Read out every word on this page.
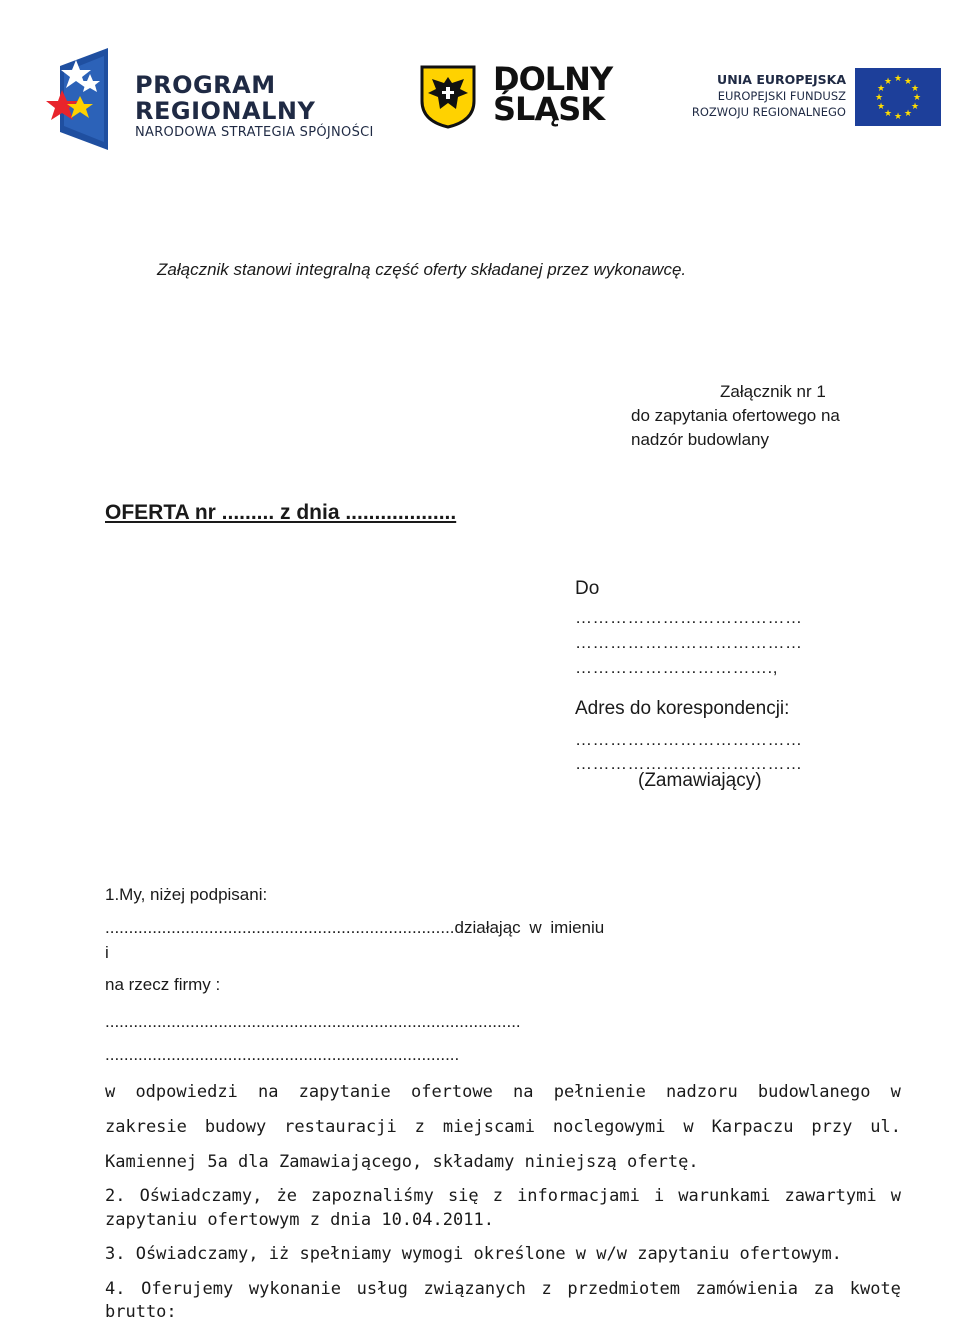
PROGRAM
REGIONALNY
NARODOWA STRATEGIA SPÓJNOŚCI
DOLNY
ŚLĄSK
UNIA EUROPEJSKA
EUROPEJSKI FUNDUSZ
ROZWOJU REGIONALNEGO
★ ★
★
★
★
★
★
★
★
★
★
★
Załącznik stanowi integralną część oferty składanej przez wykonawcę.
Załącznik nr 1
do zapytania ofertowego na
nadzór budowlany
OFERTA nr ......... z dnia ...................
Do
…………………………………
…………………………………
…………………………….,
Adres do korespondencji:
…………………………………
…………………………………
(Zamawiający)
1.My, niżej podpisani:
..........................................................................działając w imieniu
i
na rzecz firmy :
........................................................................................
...........................................................................
w odpowiedzi na zapytanie ofertowe na pełnienie nadzoru budowlanego w
zakresie budowy restauracji z miejscami noclegowymi w Karpaczu przy ul.
Kamiennej 5a dla Zamawiającego, składamy niniejszą ofertę.
2. Oświadczamy, że zapoznaliśmy się z informacjami i warunkami zawartymi w
zapytaniu ofertowym z dnia 10.04.2011.
3. Oświadczamy, iż spełniamy wymogi określone w w/w zapytaniu ofertowym.
4. Oferujemy wykonanie usług związanych z przedmiotem zamówienia za kwotę
brutto:
